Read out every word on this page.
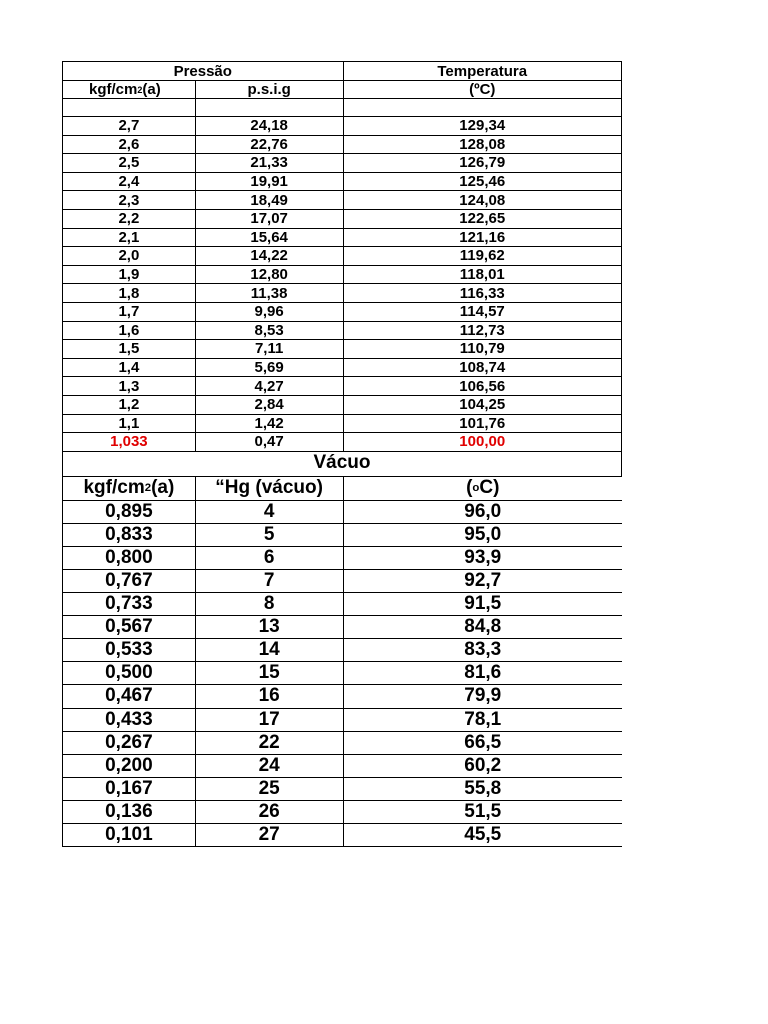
Pressão	Temperatura
kgf/cm 2 (a)	p.s.i.g	(ºC)
2,7	24,18	129,34
2,6	22,76	128,08
2,5	21,33	126,79
2,4	19,91	125,46
2,3	18,49	124,08
2,2	17,07	122,65
2,1	15,64	121,16
2,0	14,22	119,62
1,9	12,80	118,01
1,8	11,38	116,33
1,7	9,96	114,57
1,6	8,53	112,73
1,5	7,11	110,79
1,4	5,69	108,74
1,3	4,27	106,56
1,2	2,84	104,25
1,1	1,42	101,76
1,033	0,47	100,00
Vácuo
kgf/cm 2 (a)	“Hg (vácuo)	( o C)
0,895	4	96,0
0,833	5	95,0
0,800	6	93,9
0,767	7	92,7
0,733	8	91,5
0,567	13	84,8
0,533	14	83,3
0,500	15	81,6
0,467	16	79,9
0,433	17	78,1
0,267	22	66,5
0,200	24	60,2
0,167	25	55,8
0,136	26	51,5
0,101	27	45,5
